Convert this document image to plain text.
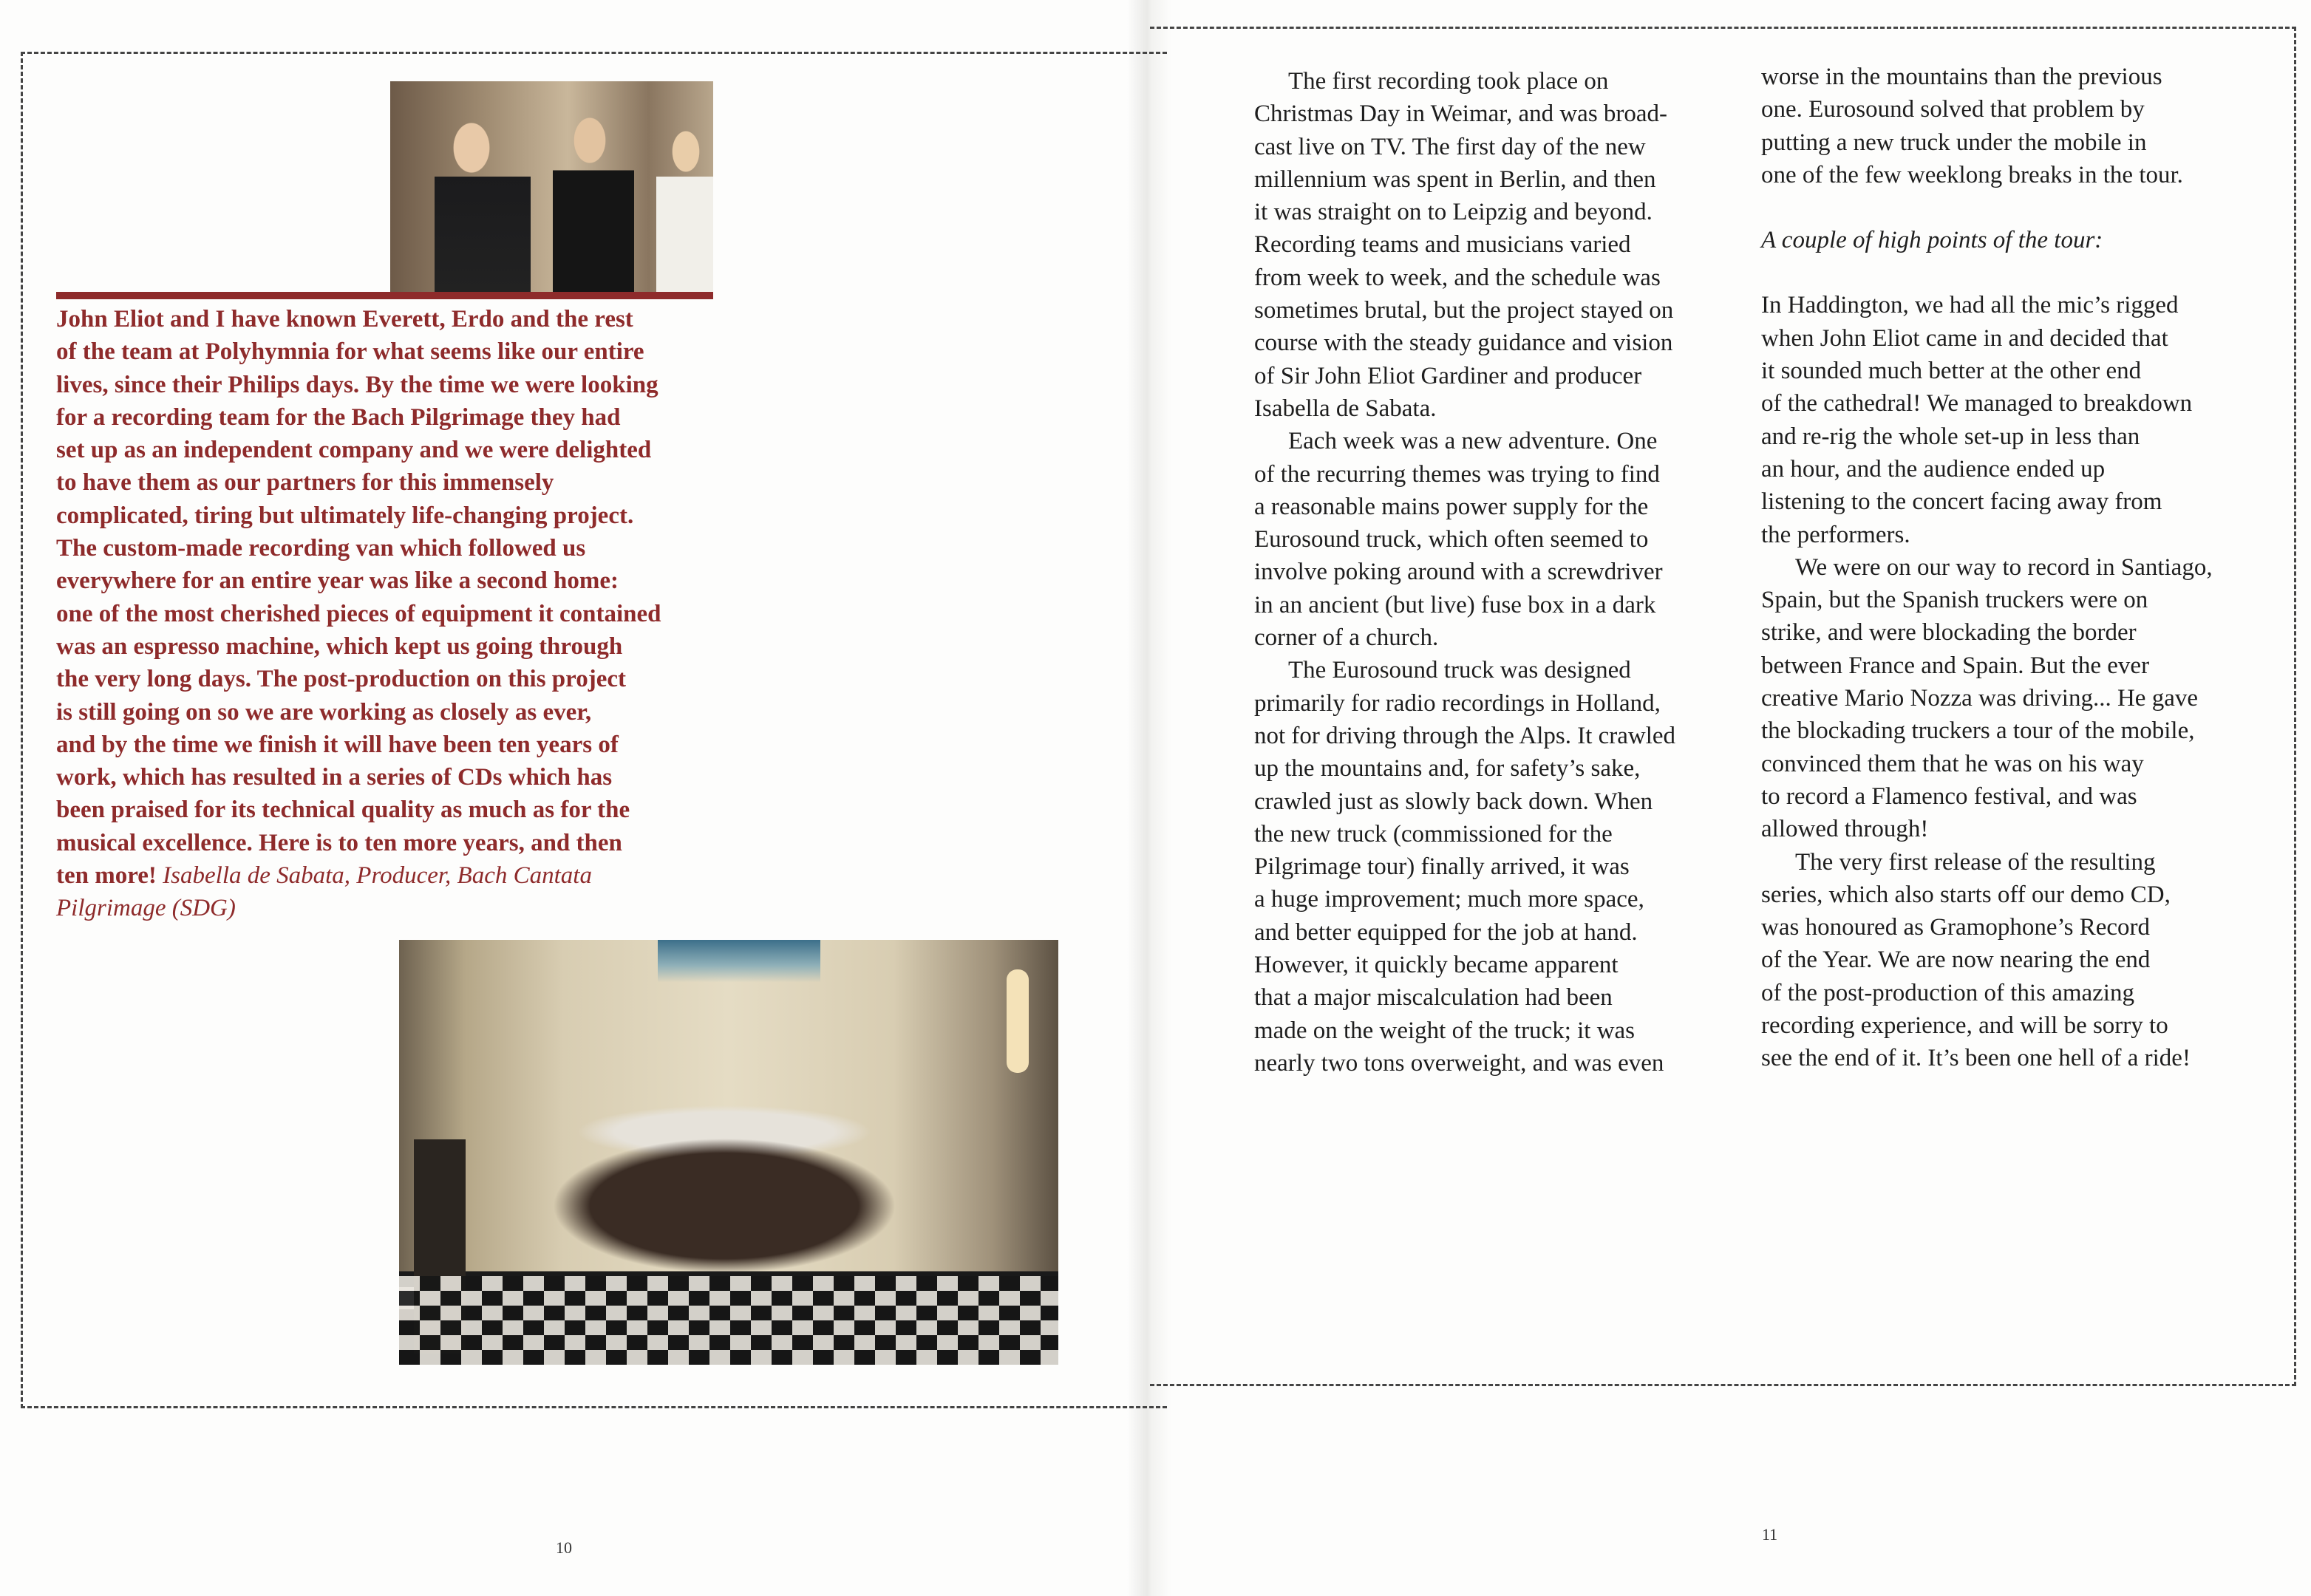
John Eliot and I have known Everett, Erdo and the rest
of the team at Polyhymnia for what seems like our entire
lives, since their Philips days. By the time we were looking
for a recording team for the Bach Pilgrimage they had
set up as an independent company and we were delighted
to have them as our partners for this immensely
complicated, tiring but ultimately life-changing project.
The custom-made recording van which followed us
everywhere for an entire year was like a second home:
one of the most cherished pieces of equipment it contained
was an espresso machine, which kept us going through
the very long days. The post-production on this project
is still going on so we are working as closely as ever,
and by the time we finish it will have been ten years of
work, which has resulted in a series of CDs which has
been praised for its technical quality as much as for the
musical excellence. Here is to ten more years, and then
ten more! Isabella de Sabata, Producer, Bach Cantata
Pilgrimage (SDG)
The first recording took place on
Christmas Day in Weimar, and was broad-
cast live on TV. The first day of the new
millennium was spent in Berlin, and then
it was straight on to Leipzig and beyond.
Recording teams and musicians varied
from week to week, and the schedule was
sometimes brutal, but the project stayed on
course with the steady guidance and vision
of Sir John Eliot Gardiner and producer
Isabella de Sabata.
Each week was a new adventure. One
of the recurring themes was trying to find
a reasonable mains power supply for the
Eurosound truck, which often seemed to
involve poking around with a screwdriver
in an ancient (but live) fuse box in a dark
corner of a church.
The Eurosound truck was designed
primarily for radio recordings in Holland,
not for driving through the Alps. It crawled
up the mountains and, for safety’s sake,
crawled just as slowly back down. When
the new truck (commissioned for the
Pilgrimage tour) finally arrived, it was
a huge improvement; much more space,
and better equipped for the job at hand.
However, it quickly became apparent
that a major miscalculation had been
made on the weight of the truck; it was
nearly two tons overweight, and was even
worse in the mountains than the previous
one. Eurosound solved that problem by
putting a new truck under the mobile in
one of the few weeklong breaks in the tour.
A couple of high points of the tour:
In Haddington, we had all the mic’s rigged
when John Eliot came in and decided that
it sounded much better at the other end
of the cathedral! We managed to breakdown
and re-rig the whole set-up in less than
an hour, and the audience ended up
listening to the concert facing away from
the performers.
We were on our way to record in Santiago,
Spain, but the Spanish truckers were on
strike, and were blockading the border
between France and Spain. But the ever
creative Mario Nozza was driving... He gave
the blockading truckers a tour of the mobile,
convinced them that he was on his way
to record a Flamenco festival, and was
allowed through!
The very first release of the resulting
series, which also starts off our demo CD,
was honoured as Gramophone’s Record
of the Year. We are now nearing the end
of the post-production of this amazing
recording experience, and will be sorry to
see the end of it. It’s been one hell of a ride!
10
11
